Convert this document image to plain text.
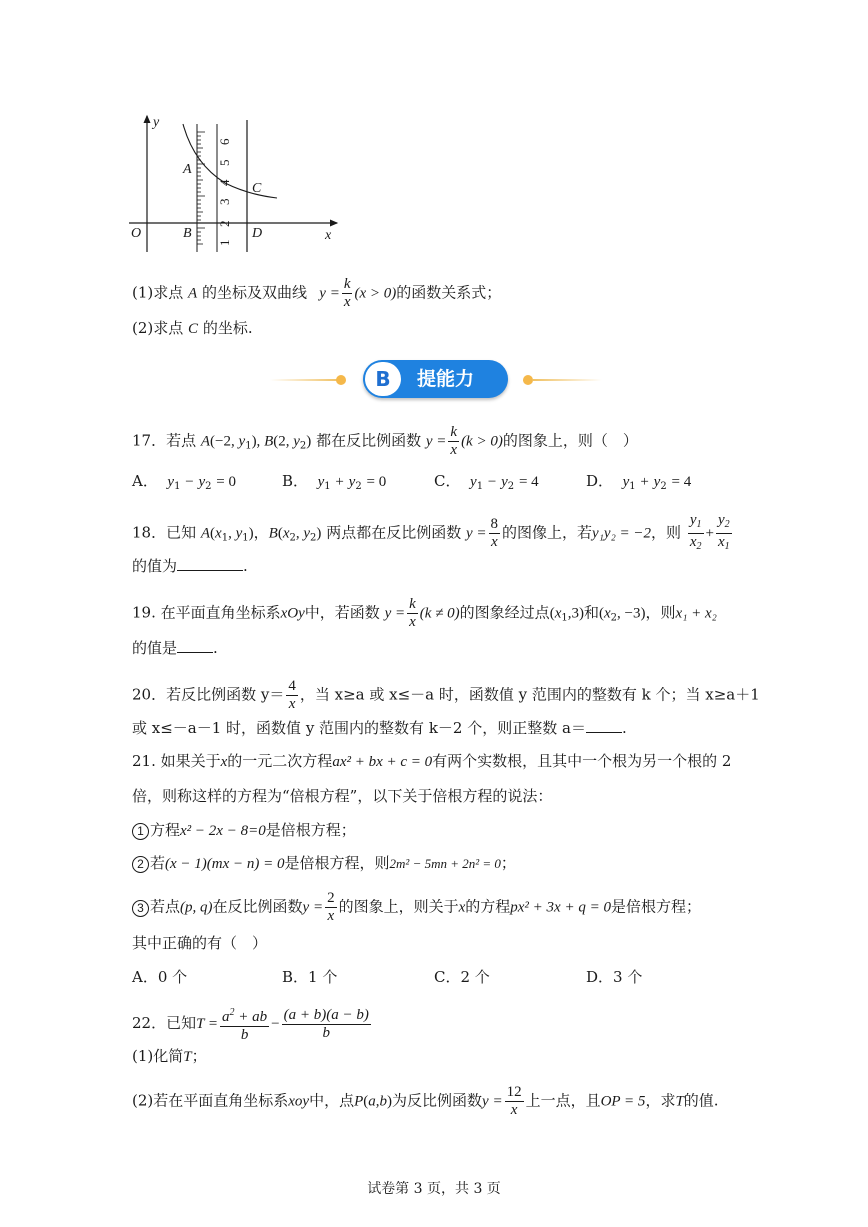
1
2
3
4
5
6
y
x
O
A
B
C
D
(1)求点 A 的坐标及双曲线   $y = \frac{k}{x} (x > 0)$的函数关系式；
(2)求点 C 的坐标.
B	提能力
17．若点 A(−2, $y_1$), B(2, $y_2$) 都在反比例函数 $y = \frac{k}{x} (k > 0)$的图象上，则（　）
A． $y_1 - y_2 = 0$	B． $y_1 + y_2 = 0$	C． $y_1 - y_2 = 4$	D． $y_1 + y_2 = 4$
18．已知 $A(x_1$, $y_1$)，$B(x_2$, $y_2$) 两点都在反比例函数 $y = \frac{8}{x}$ 的图像上，若y₁y₂ = −2，则 $\frac{y_1}{x_2} + \frac{y_2}{x_1}$
的值为	.
19. 在平面直角坐标系xOy中，若函数 $y = \frac{k}{x} (k \ne 0)$的图象经过点$(x_1,3)$和($x_2$, −3)，则x₁ + x₂
的值是 .
20．若反比例函数 $y= \frac{4}{x}$ ，当 x≥a 或 x≤－a 时，函数值 y 范围内的整数有 k 个；当 x≥a＋1
或 x≤－a－1 时，函数值 y 范围内的整数有 k－2 个，则正整数 a＝ .
21. 如果关于x的一元二次方程ax² + bx + c = 0有两个实数根，且其中一个根为另一个根的 2
倍，则称这样的方程为“倍根方程”，以下关于倍根方程的说法：
1 方程x² − 2x − 8=0是倍根方程；
2 若(x − 1)(mx − n) = 0是倍根方程，则2m² − 5mn + 2n² = 0；
3 若点(p, q)在反比例函数$y = \frac{2}{x}$ 的图象上，则关于x的方程px² + 3x + q = 0是倍根方程；
其中正确的有（　）
A．0 个	B．1 个	C．2 个	D．3 个
22．已知$T = \frac{a^2 + ab}{b} - \frac{(a + b)(a - b)}{b}$
(1)化简T；
(2)若在平面直角坐标系xoy中，点P(a,b)为反比例函数$y = \frac{12}{x}$ 上一点，且OP = 5，求T的值.
试卷第 3 页，共 3 页
